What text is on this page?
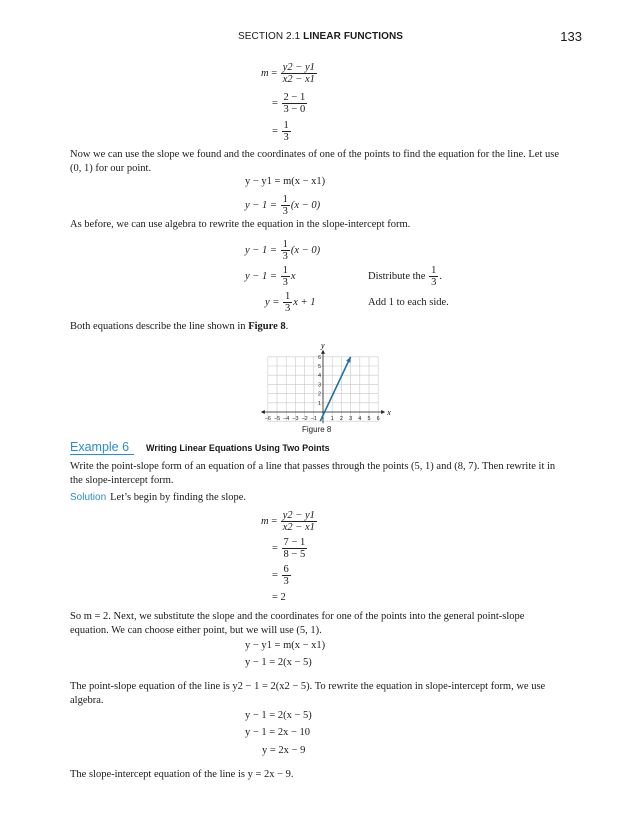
SECTION 2.1 LINEAR FUNCTIONS	133
$m = \frac{y2 - y1}{x2 - x1}$
= $\frac{2 - 1}{3 - 0}$
= $\frac{1}{3}$
Now we can use the slope we found and the coordinates of one of the points to find the equation for the line. Let use (0, 1) for our point.
y − y1 = m(x − x1)
$y - 1 = \frac{1}{3} (x - 0)$
As before, we can use algebra to rewrite the equation in the slope-intercept form.
$y - 1 = \frac{1}{3} (x - 0)$
$y - 1 = \frac{1}{3}$ x	Distribute the $\frac{1}{3}$ .
$y = \frac{1}{3}$ x + 1	Add 1 to each side.
Both equations describe the line shown in Figure 8.
−6 −5 −4 −3 −2 −1 1 2 3 4 5 6
1
2
3
4
5
6
x
y
Figure 8
Example 6 Writing Linear Equations Using Two Points
Write the point-slope form of an equation of a line that passes through the points (5, 1) and (8, 7). Then rewrite it in the slope-intercept form.
Solution Let’s begin by finding the slope.
$m = \frac{y2 - y1}{x2 - x1}$
= $\frac{7 - 1}{8 - 5}$
= $\frac{6}{3}$
= 2
So m = 2. Next, we substitute the slope and the coordinates for one of the points into the general point-slope equation. We can choose either point, but we will use (5, 1).
y − y1 = m(x − x1)
y − 1 = 2(x − 5)
The point-slope equation of the line is y2 − 1 = 2(x2 − 5). To rewrite the equation in slope-intercept form, we use algebra.
y − 1 = 2(x − 5)
y − 1 = 2x − 10
y = 2x − 9
The slope-intercept equation of the line is y = 2x − 9.
